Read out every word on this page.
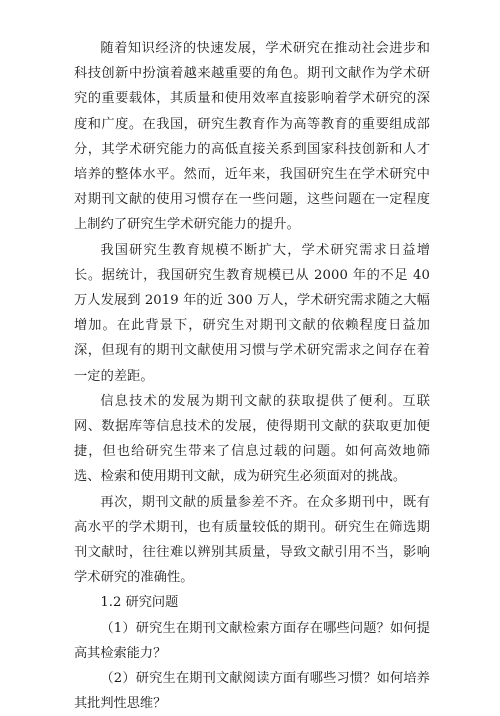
随着知识经济的快速发展，学术研究在推动社会进步和科技创新中扮演着越来越重要的角色。期刊文献作为学术研究的重要载体，其质量和使用效率直接影响着学术研究的深度和广度。在我国，研究生教育作为高等教育的重要组成部分，其学术研究能力的高低直接关系到国家科技创新和人才培养的整体水平。然而，近年来，我国研究生在学术研究中对期刊文献的使用习惯存在一些问题，这些问题在一定程度上制约了研究生学术研究能力的提升。

我国研究生教育规模不断扩大，学术研究需求日益增长。据统计，我国研究生教育规模已从 2000 年的不足 40 万人发展到 2019 年的近 300 万人，学术研究需求随之大幅增加。在此背景下，研究生对期刊文献的依赖程度日益加深，但现有的期刊文献使用习惯与学术研究需求之间存在着一定的差距。

信息技术的发展为期刊文献的获取提供了便利。互联网、数据库等信息技术的发展，使得期刊文献的获取更加便捷，但也给研究生带来了信息过载的问题。如何高效地筛选、检索和使用期刊文献，成为研究生必须面对的挑战。

再次，期刊文献的质量参差不齐。在众多期刊中，既有高水平的学术期刊，也有质量较低的期刊。研究生在筛选期刊文献时，往往难以辨别其质量，导致文献引用不当，影响学术研究的准确性。

1.2 研究问题

（1）研究生在期刊文献检索方面存在哪些问题？如何提高其检索能力？

（2）研究生在期刊文献阅读方面有哪些习惯？如何培养其批判性思维？
